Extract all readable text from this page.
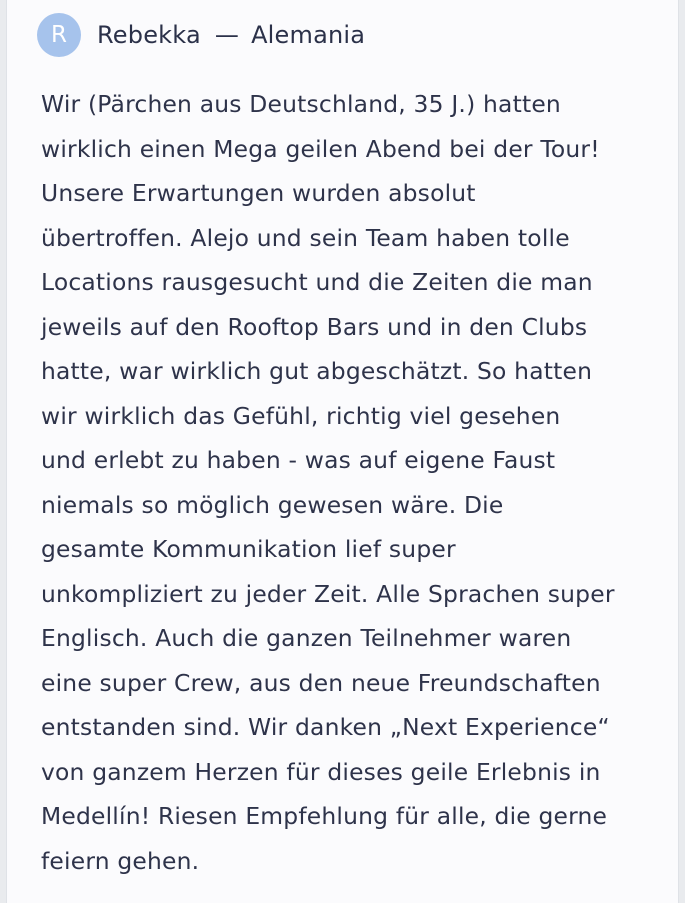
R	Rebekka — Alemania

Wir (Pärchen aus Deutschland, 35 J.) hatten
wirklich einen Mega geilen Abend bei der Tour!
Unsere Erwartungen wurden absolut
übertroffen. Alejo und sein Team haben tolle
Locations rausgesucht und die Zeiten die man
jeweils auf den Rooftop Bars und in den Clubs
hatte, war wirklich gut abgeschätzt. So hatten
wir wirklich das Gefühl, richtig viel gesehen
und erlebt zu haben - was auf eigene Faust
niemals so möglich gewesen wäre. Die
gesamte Kommunikation lief super
unkompliziert zu jeder Zeit. Alle Sprachen super
Englisch. Auch die ganzen Teilnehmer waren
eine super Crew, aus den neue Freundschaften
entstanden sind. Wir danken „Next Experience“
von ganzem Herzen für dieses geile Erlebnis in
Medellín! Riesen Empfehlung für alle, die gerne
feiern gehen.
